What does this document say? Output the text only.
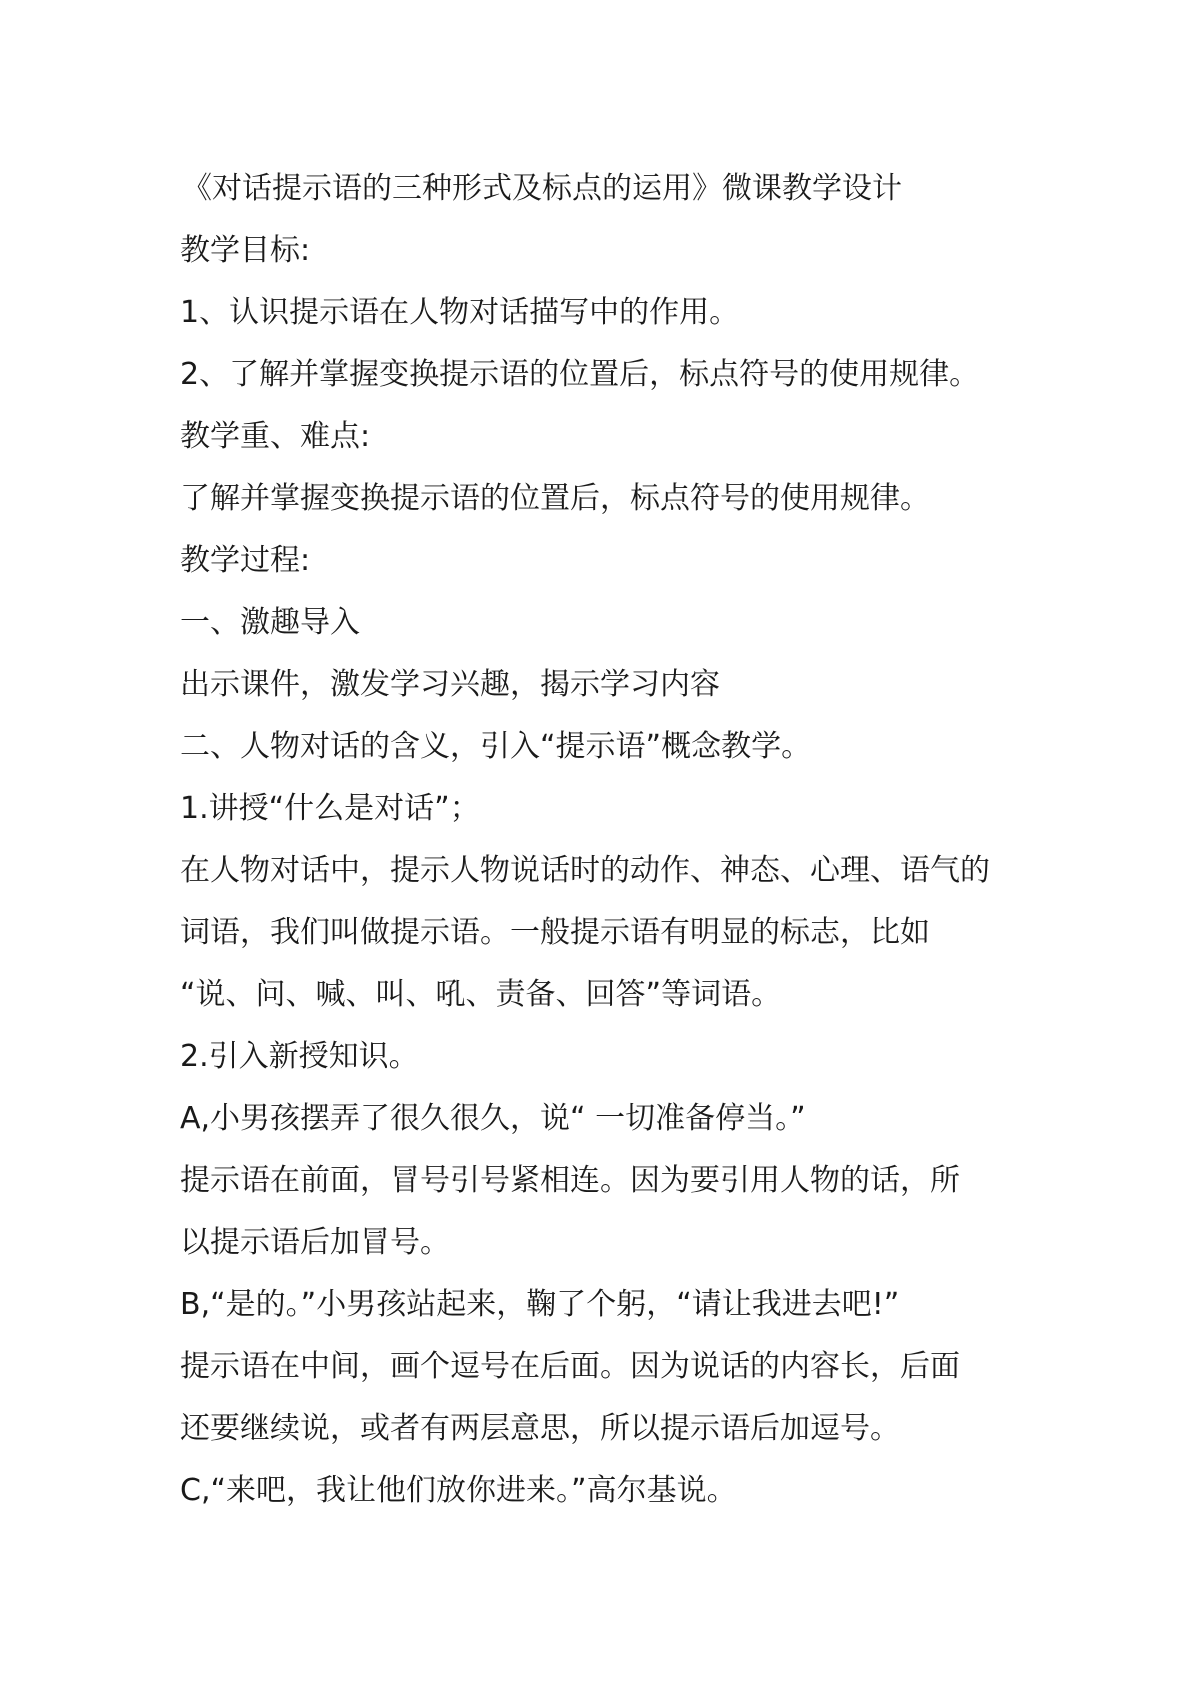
《对话提示语的三种形式及标点的运用》微课教学设计
教学目标:
1、认识提示语在人物对话描写中的作用。
2、了解并掌握变换提示语的位置后，标点符号的使用规律。
教学重、难点:
了解并掌握变换提示语的位置后，标点符号的使用规律。
教学过程:
一、激趣导入
出示课件，激发学习兴趣，揭示学习内容
二、人物对话的含义，引入“提示语”概念教学。
1.讲授“什么是对话”；
在人物对话中，提示人物说话时的动作、神态、心理、语气的
词语，我们叫做提示语。一般提示语有明显的标志，比如
“说、问、喊、叫、吼、责备、回答”等词语。
2.引入新授知识。
A,小男孩摆弄了很久很久，说“ 一切准备停当。”
提示语在前面，冒号引号紧相连。因为要引用人物的话，所
以提示语后加冒号。
B,“是的。”小男孩站起来，鞠了个躬，“请让我进去吧!”
提示语在中间，画个逗号在后面。因为说话的内容长，后面
还要继续说，或者有两层意思，所以提示语后加逗号。
C,“来吧，我让他们放你进来。”高尔基说。
